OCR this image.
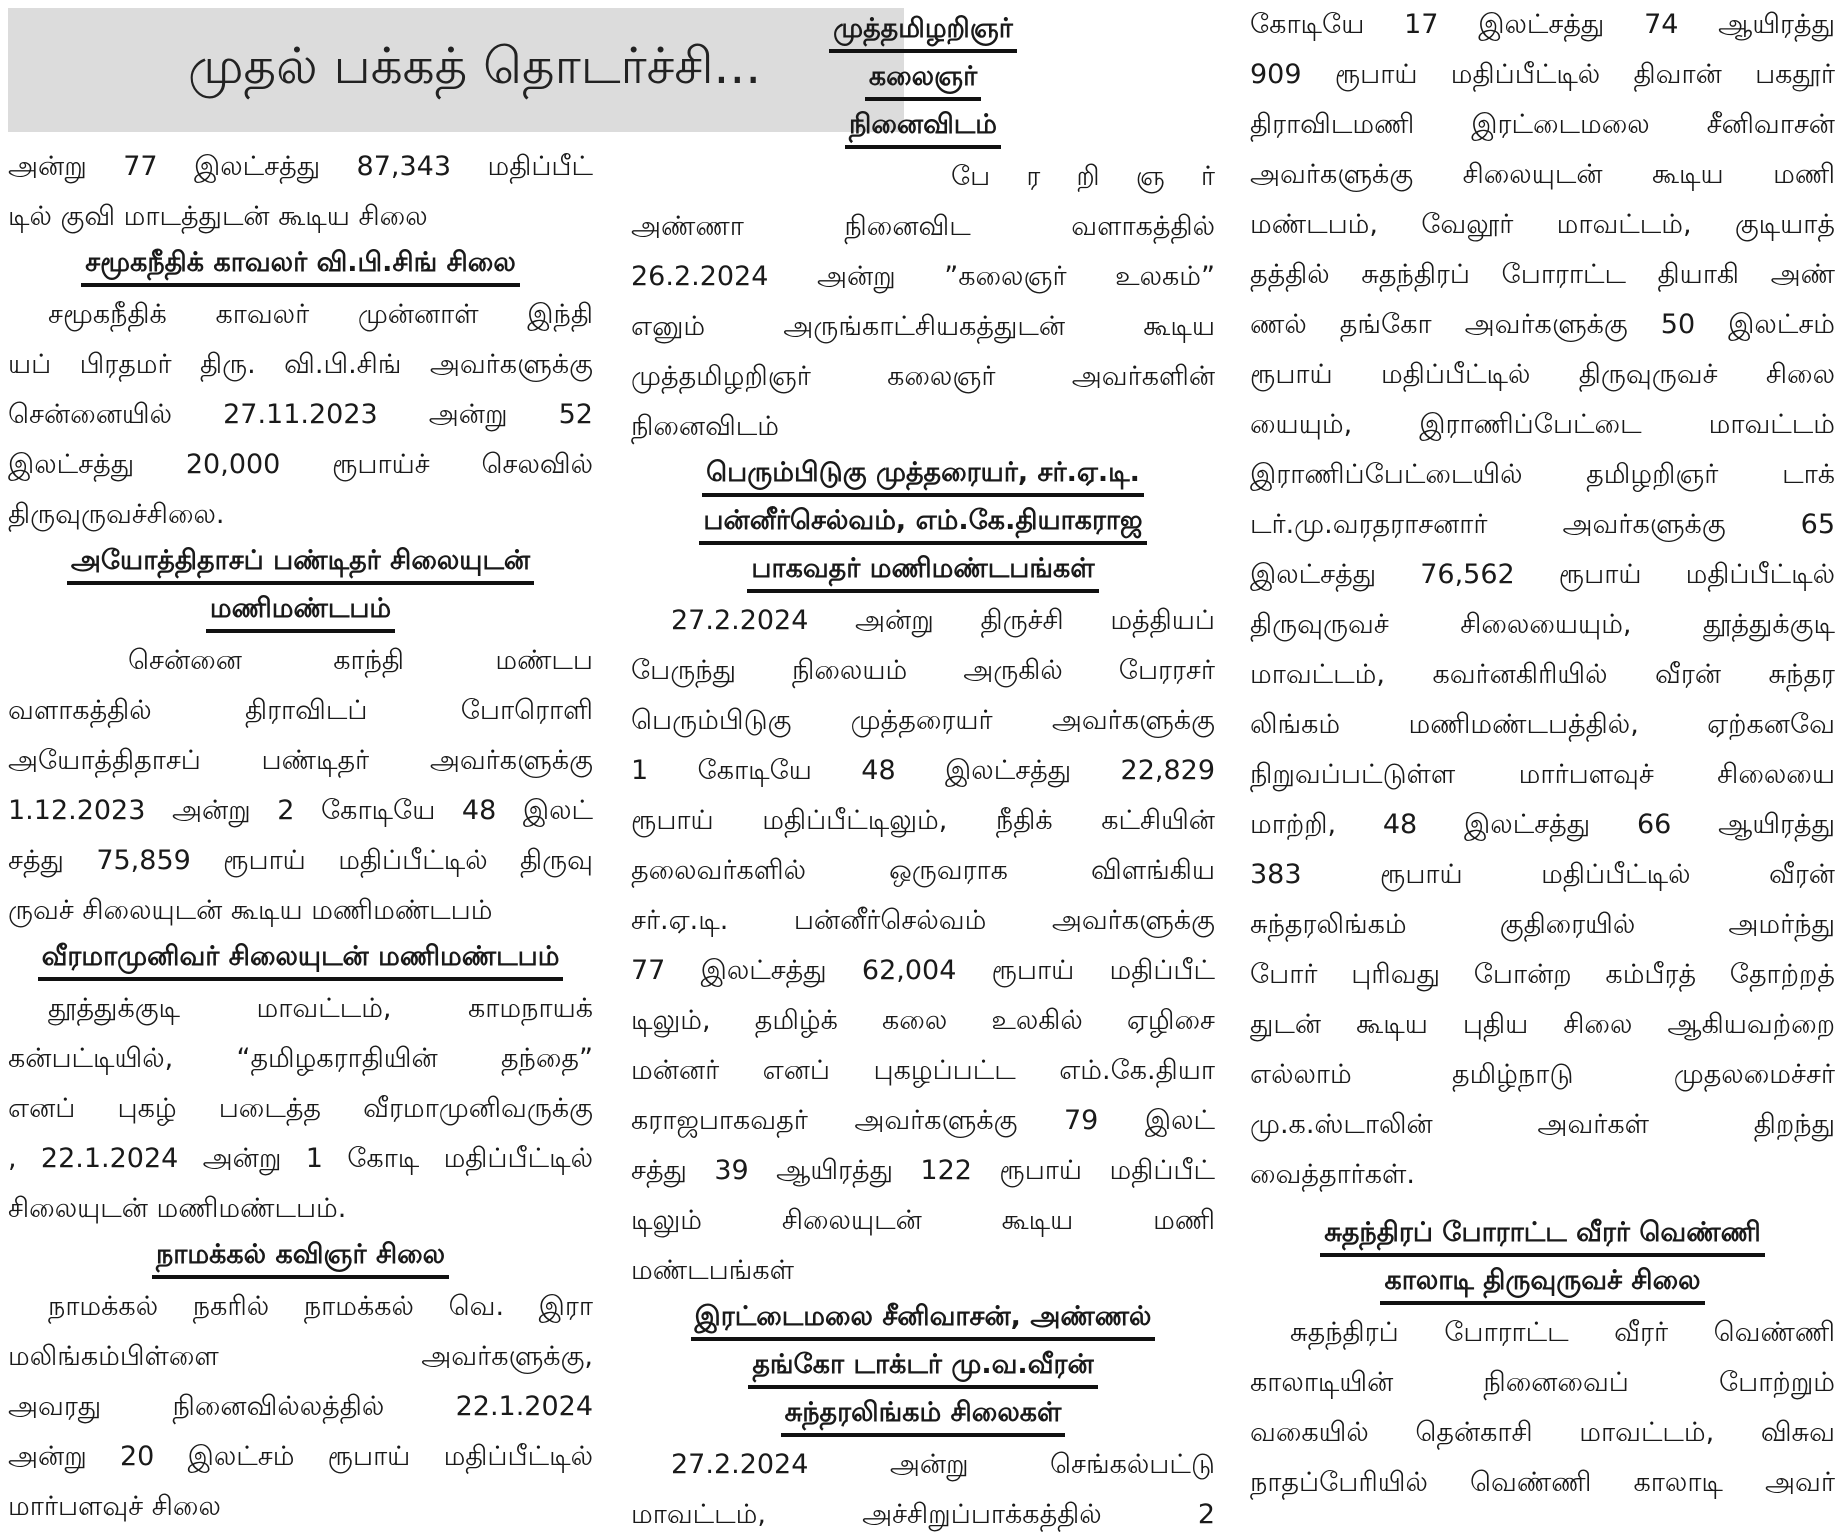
முதல் பக்கத் தொடர்ச்சி...
அன்று 77 இலட்சத்து 87,343 மதிப்பீட்
டில் குவி மாடத்துடன் கூடிய சிலை
சமூகநீதிக் காவலர் வி.பி.சிங் சிலை
சமூகநீதிக் காவலர் முன்னாள் இந்தி
யப் பிரதமர் திரு. வி.பி.சிங் அவர்களுக்கு
சென்னையில் 27.11.2023 அன்று 52
இலட்சத்து 20,000 ரூபாய்ச் செலவில்
திருவுருவச்சிலை.
அயோத்திதாசப் பண்டிதர் சிலையுடன்
மணிமண்டபம்
சென்னை காந்தி மண்டப
வளாகத்தில் திராவிடப் போரொளி
அயோத்திதாசப் பண்டிதர் அவர்களுக்கு
1.12.2023 அன்று 2 கோடியே 48 இலட்
சத்து 75,859 ரூபாய் மதிப்பீட்டில் திருவு
ருவச் சிலையுடன் கூடிய மணிமண்டபம்
வீரமாமுனிவர் சிலையுடன் மணிமண்டபம்
தூத்துக்குடி மாவட்டம், காமநாயக்
கன்பட்டியில், “தமிழகராதியின் தந்தை”
எனப் புகழ் படைத்த வீரமாமுனிவருக்கு
, 22.1.2024 அன்று 1 கோடி மதிப்பீட்டில்
சிலையுடன் மணிமண்டபம்.
நாமக்கல் கவிஞர் சிலை
நாமக்கல் நகரில் நாமக்கல் வெ. இரா
மலிங்கம்பிள்ளை அவர்களுக்கு,
அவரது நினைவில்லத்தில் 22.1.2024
அன்று 20 இலட்சம் ரூபாய் மதிப்பீட்டில்
மார்பளவுச் சிலை
முத்தமிழறிஞர்
கலைஞர்
நினைவிடம்
பே ர றி ஞ ர்
அண்ணா நினைவிட வளாகத்தில்
26.2.2024 அன்று ”கலைஞர் உலகம்”
எனும் அருங்காட்சியகத்துடன் கூடிய
முத்தமிழறிஞர் கலைஞர் அவர்களின்
நினைவிடம்
பெரும்பிடுகு முத்தரையர், சர்.ஏ.டி.
பன்னீர்செல்வம், எம்.கே.தியாகராஜ
பாகவதர் மணிமண்டபங்கள்
27.2.2024 அன்று திருச்சி மத்தியப்
பேருந்து நிலையம் அருகில் பேரரசர்
பெரும்பிடுகு முத்தரையர் அவர்களுக்கு
1 கோடியே 48 இலட்சத்து 22,829
ரூபாய் மதிப்பீட்டிலும், நீதிக் கட்சியின்
தலைவர்களில் ஒருவராக விளங்கிய
சர்.ஏ.டி. பன்னீர்செல்வம் அவர்களுக்கு
77 இலட்சத்து 62,004 ரூபாய் மதிப்பீட்
டிலும், தமிழ்க் கலை உலகில் ஏழிசை
மன்னர் எனப் புகழப்பட்ட எம்.கே.தியா
கராஜபாகவதர் அவர்களுக்கு 79 இலட்
சத்து 39 ஆயிரத்து 122 ரூபாய் மதிப்பீட்
டிலும் சிலையுடன் கூடிய மணி
மண்டபங்கள்
இரட்டைமலை சீனிவாசன், அண்ணல்
தங்கோ டாக்டர் மு.வ.வீரன்
சுந்தரலிங்கம் சிலைகள்
27.2.2024 அன்று செங்கல்பட்டு
மாவட்டம், அச்சிறுப்பாக்கத்தில் 2
கோடியே 17 இலட்சத்து 74 ஆயிரத்து
909 ரூபாய் மதிப்பீட்டில் திவான் பகதூர்
திராவிடமணி இரட்டைமலை சீனிவாசன்
அவர்களுக்கு சிலையுடன் கூடிய மணி
மண்டபம், வேலூர் மாவட்டம், குடியாத்
தத்தில் சுதந்திரப் போராட்ட தியாகி அண்
ணல் தங்கோ அவர்களுக்கு 50 இலட்சம்
ரூபாய் மதிப்பீட்டில் திருவுருவச் சிலை
யையும், இராணிப்பேட்டை மாவட்டம்
இராணிப்பேட்டையில் தமிழறிஞர் டாக்
டர்.மு.வரதராசனார் அவர்களுக்கு 65
இலட்சத்து 76,562 ரூபாய் மதிப்பீட்டில்
திருவுருவச் சிலையையும், தூத்துக்குடி
மாவட்டம், கவர்னகிரியில் வீரன் சுந்தர
லிங்கம் மணிமண்டபத்தில், ஏற்கனவே
நிறுவப்பட்டுள்ள மார்பளவுச் சிலையை
மாற்றி, 48 இலட்சத்து 66 ஆயிரத்து
383 ரூபாய் மதிப்பீட்டில் வீரன்
சுந்தரலிங்கம் குதிரையில் அமர்ந்து
போர் புரிவது போன்ற கம்பீரத் தோற்றத்
துடன் கூடிய புதிய சிலை ஆகியவற்றை
எல்லாம் தமிழ்நாடு முதலமைச்சர்
மு.க.ஸ்டாலின் அவர்கள் திறந்து
வைத்தார்கள்.
சுதந்திரப் போராட்ட வீரர் வெண்ணி
காலாடி திருவுருவச் சிலை
சுதந்திரப் போராட்ட வீரர் வெண்ணி
காலாடியின் நினைவைப் போற்றும்
வகையில் தென்காசி மாவட்டம், விசுவ
நாதப்பேரியில் வெண்ணி காலாடி அவர்
